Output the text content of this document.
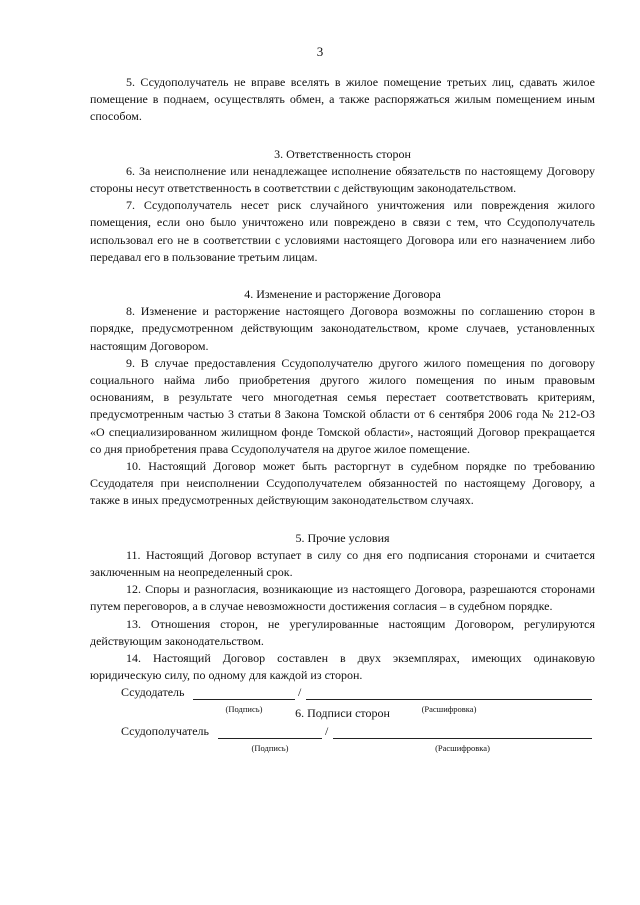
3

5. Ссудополучатель не вправе вселять в жилое помещение третьих лиц, сдавать жилое помещение в поднаем, осуществлять обмен, а также распоряжаться жилым помещением иным способом.

3. Ответственность сторон

6. За неисполнение или ненадлежащее исполнение обязательств по настоящему Договору стороны несут ответственность в соответствии с действующим законодательством.

7. Ссудополучатель несет риск случайного уничтожения или повреждения жилого помещения, если оно было уничтожено или повреждено в связи с тем, что Ссудополучатель использовал его не в соответствии с условиями настоящего Договора или его назначением либо передавал его в пользование третьим лицам.

4. Изменение и расторжение Договора

8. Изменение и расторжение настоящего Договора возможны по соглашению сторон в порядке, предусмотренном действующим законодательством, кроме случаев, установленных настоящим Договором.

9. В случае предоставления Ссудополучателю другого жилого помещения по договору социального найма либо приобретения другого жилого помещения по иным правовым основаниям, в результате чего многодетная семья перестает соответствовать критериям, предусмотренным частью 3 статьи 8 Закона Томской области от 6 сентября 2006 года № 212-ОЗ «О специализированном жилищном фонде Томской области», настоящий Договор прекращается со дня приобретения права Ссудополучателя на другое жилое помещение.

10. Настоящий Договор может быть расторгнут в судебном порядке по требованию Ссудодателя при неисполнении Ссудополучателем обязанностей по настоящему Договору, а также в иных предусмотренных действующим законодательством случаях.

5. Прочие условия

11. Настоящий Договор вступает в силу со дня его подписания сторонами и считается заключенным на неопределенный срок.

12. Споры и разногласия, возникающие из настоящего Договора, разрешаются сторонами путем переговоров, а в случае невозможности достижения согласия – в судебном порядке.

13. Отношения сторон, не урегулированные настоящим Договором, регулируются действующим законодательством.

14. Настоящий Договор составлен в двух экземплярах, имеющих одинаковую юридическую силу, по одному для каждой из сторон.

6. Подписи сторон

Ссудодатель	/
(Подпись)	(Расшифровка)
Ссудополучатель	/
(Подпись)	(Расшифровка)
